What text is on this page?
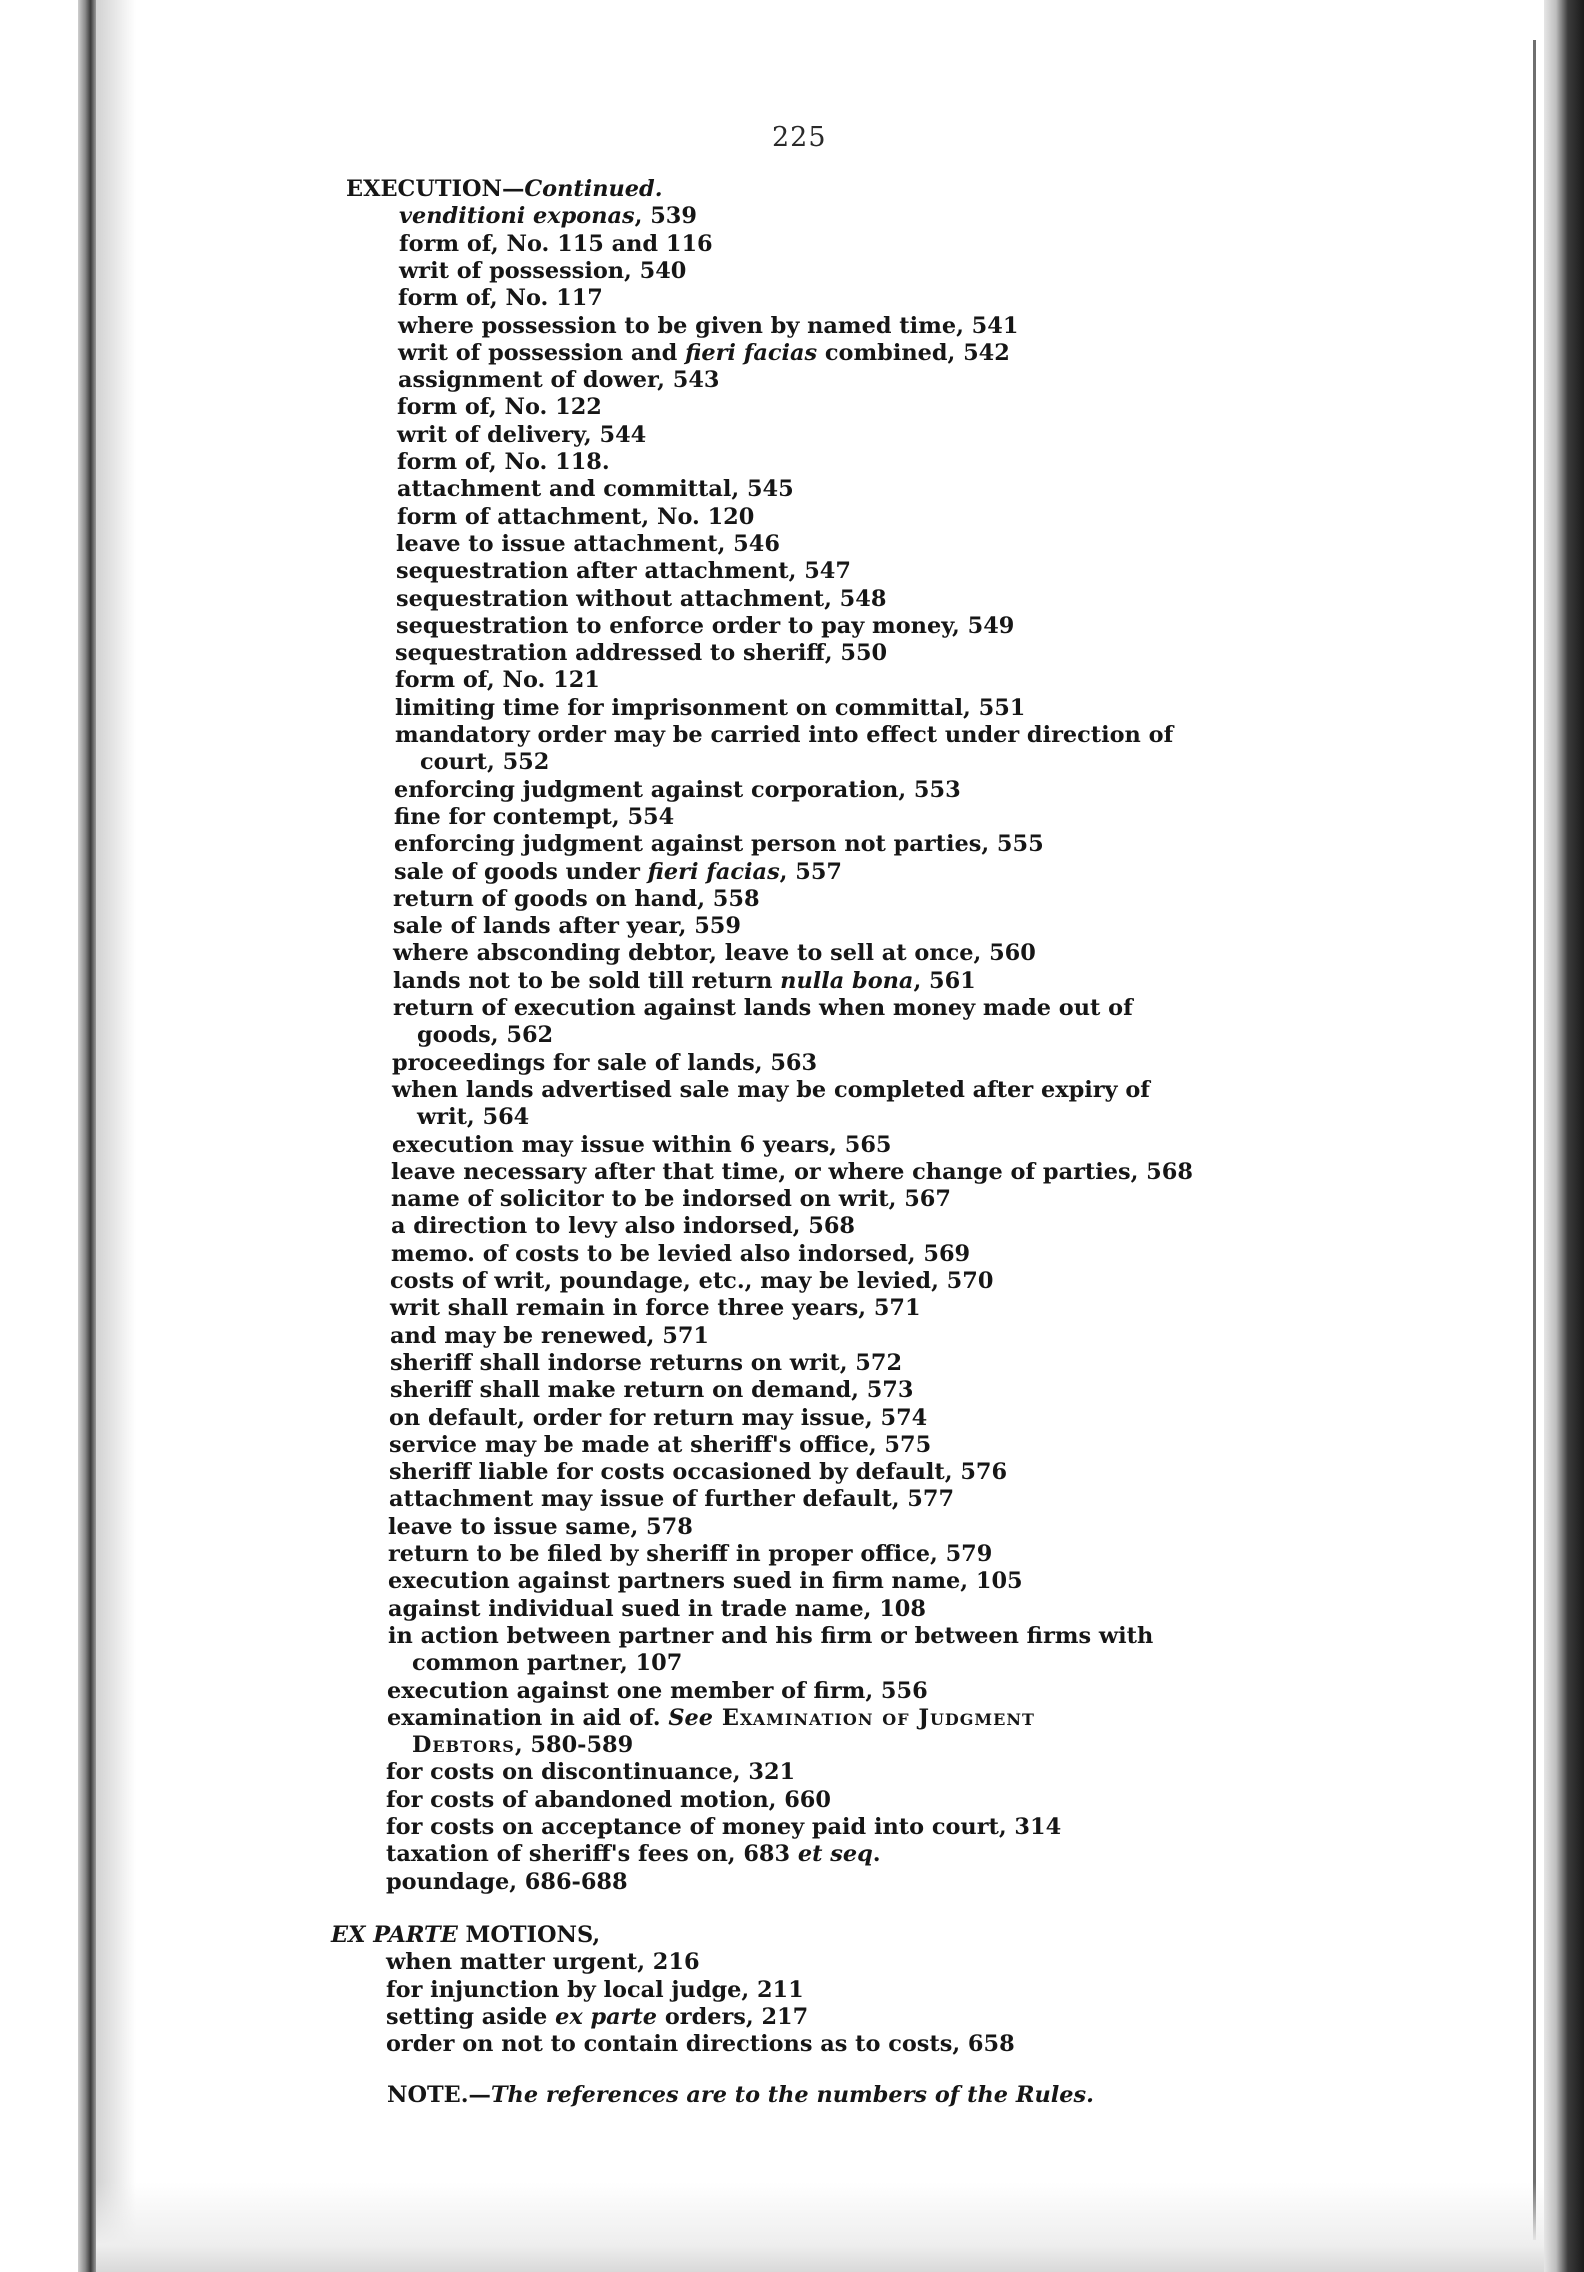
225
EXECUTION—Continued.
venditioni exponas, 539
form of, No. 115 and 116
writ of possession, 540
form of, No. 117
where possession to be given by named time, 541
writ of possession and fieri facias combined, 542
assignment of dower, 543
form of, No. 122
writ of delivery, 544
form of, No. 118.
attachment and committal, 545
form of attachment, No. 120
leave to issue attachment, 546
sequestration after attachment, 547
sequestration without attachment, 548
sequestration to enforce order to pay money, 549
sequestration addressed to sheriff, 550
form of, No. 121
limiting time for imprisonment on committal, 551
mandatory order may be carried into effect under direction of
court, 552
enforcing judgment against corporation, 553
fine for contempt, 554
enforcing judgment against person not parties, 555
sale of goods under fieri facias, 557
return of goods on hand, 558
sale of lands after year, 559
where absconding debtor, leave to sell at once, 560
lands not to be sold till return nulla bona, 561
return of execution against lands when money made out of
goods, 562
proceedings for sale of lands, 563
when lands advertised sale may be completed after expiry of
writ, 564
execution may issue within 6 years, 565
leave necessary after that time, or where change of parties, 568
name of solicitor to be indorsed on writ, 567
a direction to levy also indorsed, 568
memo. of costs to be levied also indorsed, 569
costs of writ, poundage, etc., may be levied, 570
writ shall remain in force three years, 571
and may be renewed, 571
sheriff shall indorse returns on writ, 572
sheriff shall make return on demand, 573
on default, order for return may issue, 574
service may be made at sheriff's office, 575
sheriff liable for costs occasioned by default, 576
attachment may issue of further default, 577
leave to issue same, 578
return to be filed by sheriff in proper office, 579
execution against partners sued in firm name, 105
against individual sued in trade name, 108
in action between partner and his firm or between firms with
common partner, 107
execution against one member of firm, 556
examination in aid of. See Examination of Judgment
Debtors, 580-589
for costs on discontinuance, 321
for costs of abandoned motion, 660
for costs on acceptance of money paid into court, 314
taxation of sheriff's fees on, 683 et seq.
poundage, 686-688
EX PARTE MOTIONS,
when matter urgent, 216
for injunction by local judge, 211
setting aside ex parte orders, 217
order on not to contain directions as to costs, 658
NOTE.—The references are to the numbers of the Rules.
